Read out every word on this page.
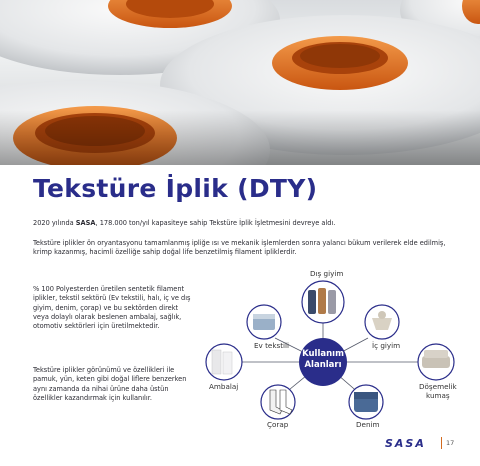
Tekstüre İplik (DTY)
2020 yılında SASA, 178.000 ton/yıl kapasiteye sahip Tekstüre İplik İşletmesini devreye aldı.
Tekstüre iplikler ön oryantasyonu tamamlanmış ipliğe ısı ve mekanik işlemlerden sonra yalancı bükum verilerek elde edilmiş, krimp kazanmış, hacimli özelliğe sahip doğal life benzetilmiş filament ipliklerdir.
% 100 Polyesterden üretilen sentetik filament iplikler, tekstil sektörü (Ev tekstili, halı, iç ve dış giyim, denim, çorap) ve bu sektörden direkt veya dolaylı olarak beslenen ambalaj, sağlık, otomotiv sektörleri için üretilmektedir.
Tekstüre iplikler görünümü ve özellikleri ile pamuk, yün, keten gibi doğal liflere benzerken aynı zamanda da nihai ürüne daha üstün özellikler kazandırmak için kullanılır.
Dış giyim
Ev tekstili	İç giyim
Ambalaj	Döşemelik
kumaş
Çorap	Denim
Kullanım
Alanları
SASA	17
